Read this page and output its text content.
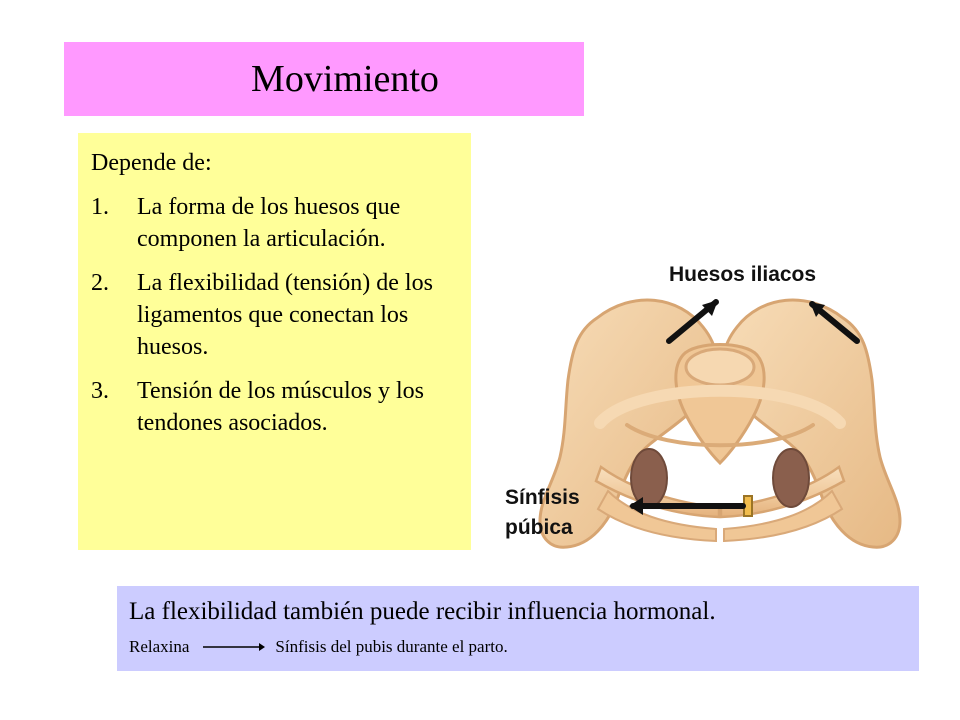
Movimiento
Depende de:
1.	La forma de los huesos que componen la articulación.
2.	La flexibilidad (tensión) de los ligamentos que conectan los huesos.
3.	Tensión de los músculos y los tendones asociados.
Huesos iliacos
Sínfisis
púbica
La flexibilidad también puede recibir influencia hormonal.
Relaxina	Sínfisis del pubis durante el parto.
